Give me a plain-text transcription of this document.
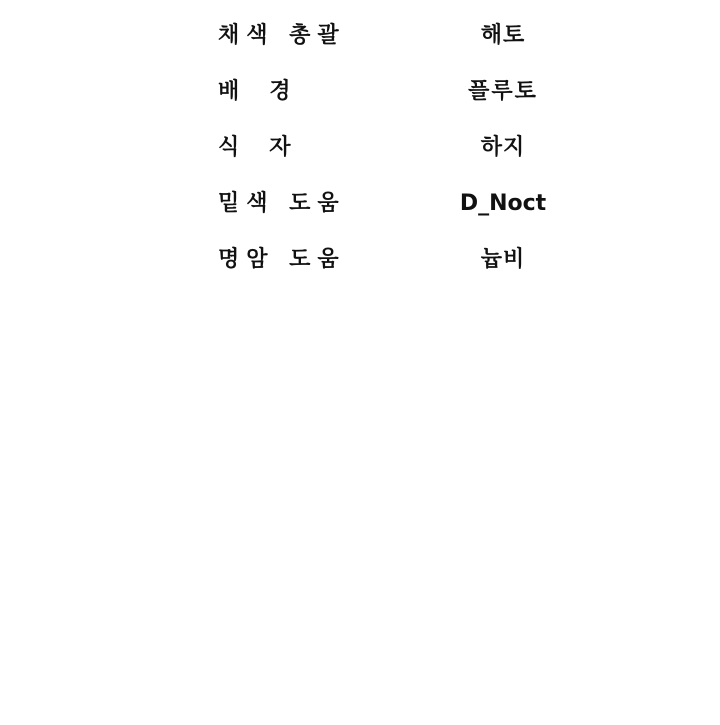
채색 총괄	해토
배경	플루토
식자	하지
밑색 도움	D_Noct
명암 도움	늅비
